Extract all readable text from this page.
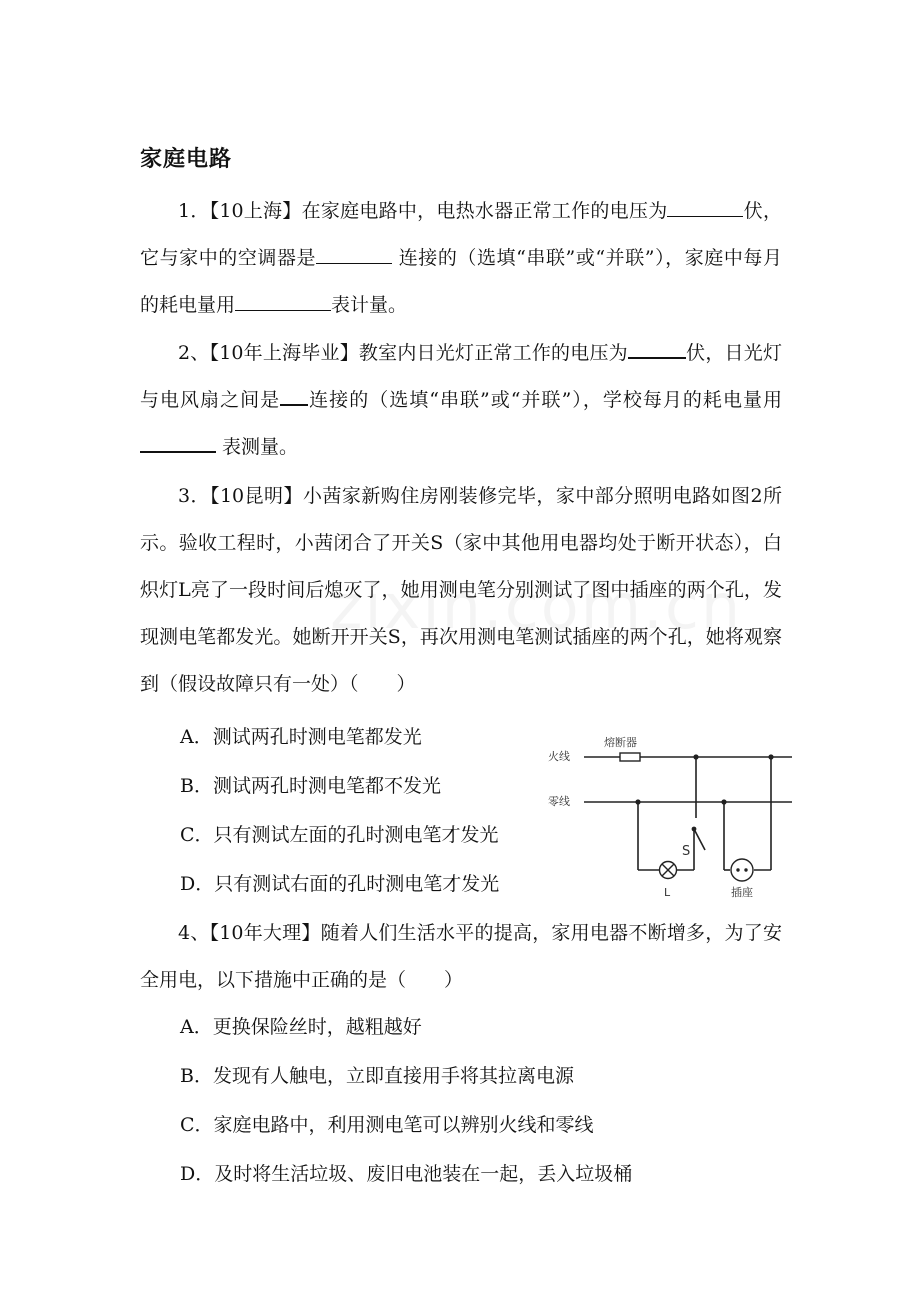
家庭电路

1．【10上海】在家庭电路中，电热水器正常工作的电压为	伏，它与家中的空调器是	连接的（选填“串联”或“并联”），家庭中每月的耗电量用	表计量。

2、【10年上海毕业】教室内日光灯正常工作的电压为	伏，日光灯与电风扇之间是 连接的（选填“串联”或“并联”），学校每月的耗电量用 表测量。

3．【10昆明】小茜家新购住房刚装修完毕，家中部分照明电路如图2所示。验收工程时，小茜闭合了开关S（家中其他用电器均处于断开状态），白炽灯L亮了一段时间后熄灭了，她用测电笔分别测试了图中插座的两个孔，发现测电笔都发光。她断开开关S，再次用测电笔测试插座的两个孔，她将观察到（假设故障只有一处）（　　）

A．测试两孔时测电笔都发光
B．测试两孔时测电笔都不发光
C．只有测试左面的孔时测电笔才发光
D．只有测试右面的孔时测电笔才发光
火线
熔断器
零线
S
L	插座

4、【10年大理】随着人们生活水平的提高，家用电器不断增多，为了安全用电，以下措施中正确的是（　　）

A．更换保险丝时，越粗越好
B．发现有人触电，立即直接用手将其拉离电源
C．家庭电路中，利用测电笔可以辨别火线和零线
D．及时将生活垃圾、废旧电池装在一起，丢入垃圾桶
